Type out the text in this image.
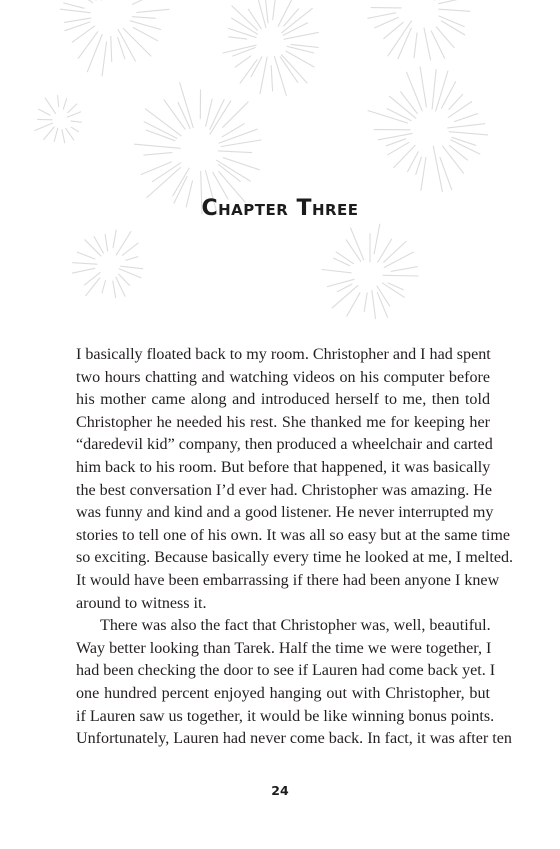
Chapter Three
I basically floated back to my room. Christopher and I had spent
two hours chatting and watching videos on his computer before
his mother came along and introduced herself to me, then told
Christopher he needed his rest. She thanked me for keeping her
“daredevil kid” company, then produced a wheelchair and carted
him back to his room. But before that happened, it was basically
the best conversation I’d ever had. Christopher was amazing. He
was funny and kind and a good listener. He never interrupted my
stories to tell one of his own. It was all so easy but at the same time
so exciting. Because basically every time he looked at me, I melted.
It would have been embarrassing if there had been anyone I knew
around to witness it.
There was also the fact that Christopher was, well, beautiful.
Way better looking than Tarek. Half the time we were together, I
had been checking the door to see if Lauren had come back yet. I
one hundred percent enjoyed hanging out with Christopher, but
if Lauren saw us together, it would be like winning bonus points.
Unfortunately, Lauren had never come back. In fact, it was after ten
24
